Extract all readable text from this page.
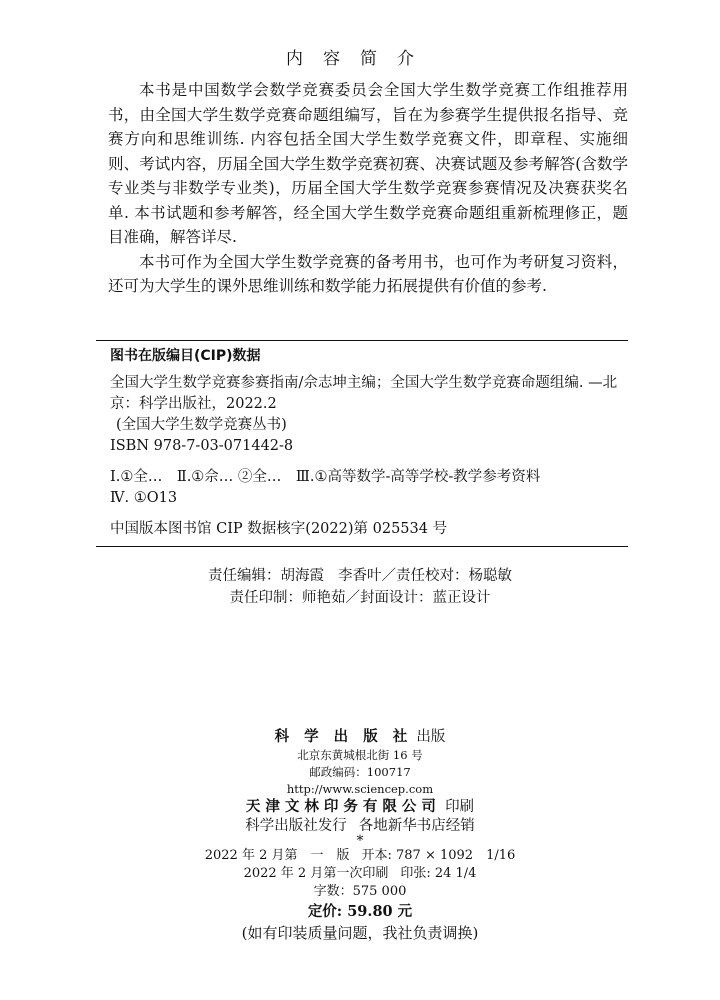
内容简介

本书是中国数学会数学竞赛委员会全国大学生数学竞赛工作组推荐用书，由全国大学生数学竞赛命题组编写，旨在为参赛学生提供报名指导、竞赛方向和思维训练. 内容包括全国大学生数学竞赛文件，即章程、实施细则、考试内容，历届全国大学生数学竞赛初赛、决赛试题及参考解答(含数学专业类与非数学专业类)，历届全国大学生数学竞赛参赛情况及决赛获奖名单. 本书试题和参考解答，经全国大学生数学竞赛命题组重新梳理修正，题目准确，解答详尽.

本书可作为全国大学生数学竞赛的备考用书，也可作为考研复习资料，还可为大学生的课外思维训练和数学能力拓展提供有价值的参考.

图书在版编目(CIP)数据

全国大学生数学竞赛参赛指南/佘志坤主编；全国大学生数学竞赛命题组编. —北京：科学出版社，2022.2

(全国大学生数学竞赛丛书)

ISBN 978-7-03-071442-8

Ⅰ.①全…　Ⅱ.①佘… ②全…　Ⅲ.①高等数学-高等学校-教学参考资料

Ⅳ. ①O13

中国版本图书馆 CIP 数据核字(2022)第 025534 号

责任编辑：胡海霞 李香叶／责任校对：杨聪敏

责任印制：师艳茹／封面设计：蓝正设计

科 学 出 版 社 出版

北京东黄城根北街 16 号

邮政编码：100717

http://www.sciencep.com

天津文林印务有限公司 印刷

科学出版社发行 各地新华书店经销

*

2022 年 2 月第　一　版 开本: 787 × 1092　1/16

2022 年 2 月第一次印刷 印张: 24 1/4

字数：575 000

定价: 59.80 元

(如有印装质量问题，我社负责调换)
